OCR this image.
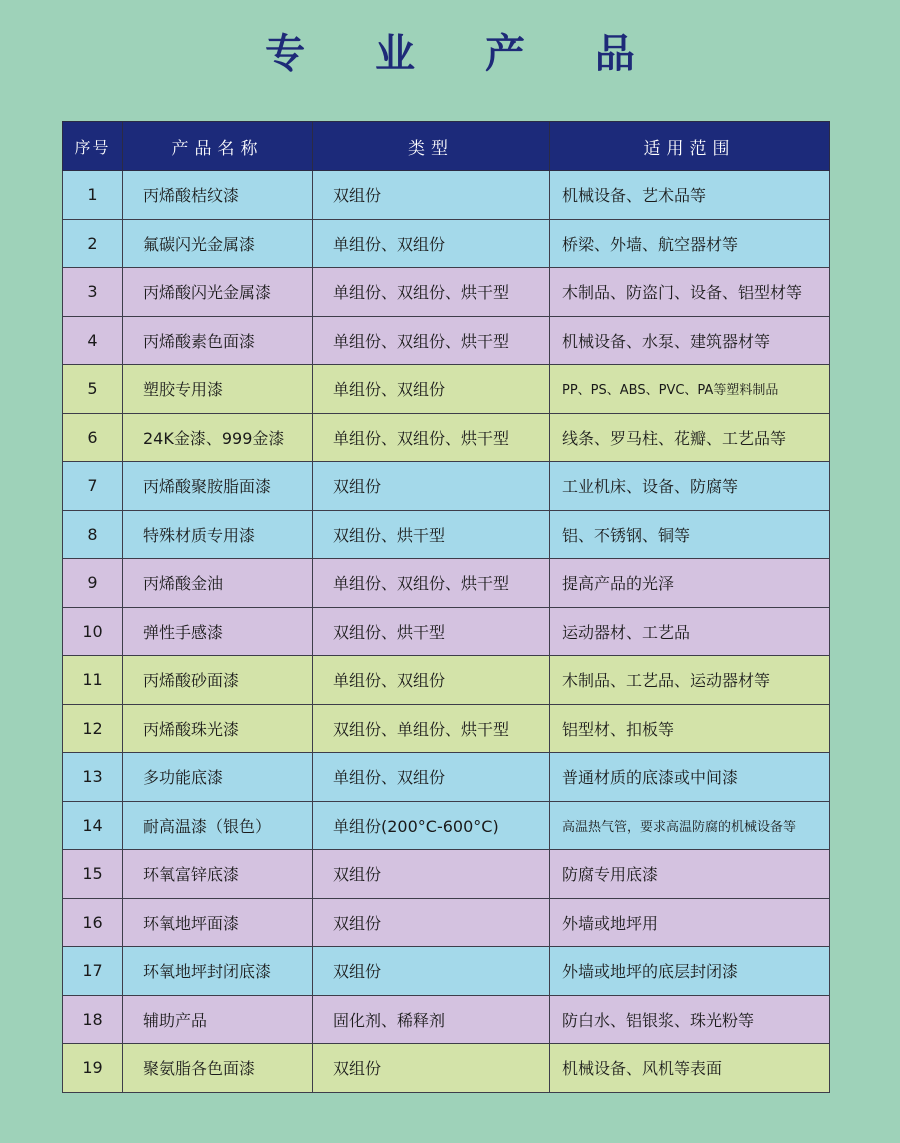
专 业 产 品
序号	产品名称	类型	适用范围
1	丙烯酸桔纹漆	双组份	机械设备、艺术品等
2	氟碳闪光金属漆	单组份、双组份	桥梁、外墙、航空器材等
3	丙烯酸闪光金属漆	单组份、双组份、烘干型	木制品、防盗门、设备、铝型材等
4	丙烯酸素色面漆	单组份、双组份、烘干型	机械设备、水泵、建筑器材等
5	塑胶专用漆	单组份、双组份	PP、PS、ABS、PVC、PA等塑料制品
6	24K金漆、999金漆	单组份、双组份、烘干型	线条、罗马柱、花瓣、工艺品等
7	丙烯酸聚胺脂面漆	双组份	工业机床、设备、防腐等
8	特殊材质专用漆	双组份、烘干型	铝、不锈钢、铜等
9	丙烯酸金油	单组份、双组份、烘干型	提高产品的光泽
10	弹性手感漆	双组份、烘干型	运动器材、工艺品
11	丙烯酸砂面漆	单组份、双组份	木制品、工艺品、运动器材等
12	丙烯酸珠光漆	双组份、单组份、烘干型	铝型材、扣板等
13	多功能底漆	单组份、双组份	普通材质的底漆或中间漆
14	耐高温漆（银色）	单组份(200°C-600°C)	高温热气管，要求高温防腐的机械设备等
15	环氧富锌底漆	双组份	防腐专用底漆
16	环氧地坪面漆	双组份	外墙或地坪用
17	环氧地坪封闭底漆	双组份	外墙或地坪的底层封闭漆
18	辅助产品	固化剂、稀释剂	防白水、铝银浆、珠光粉等
19	聚氨脂各色面漆	双组份	机械设备、风机等表面
